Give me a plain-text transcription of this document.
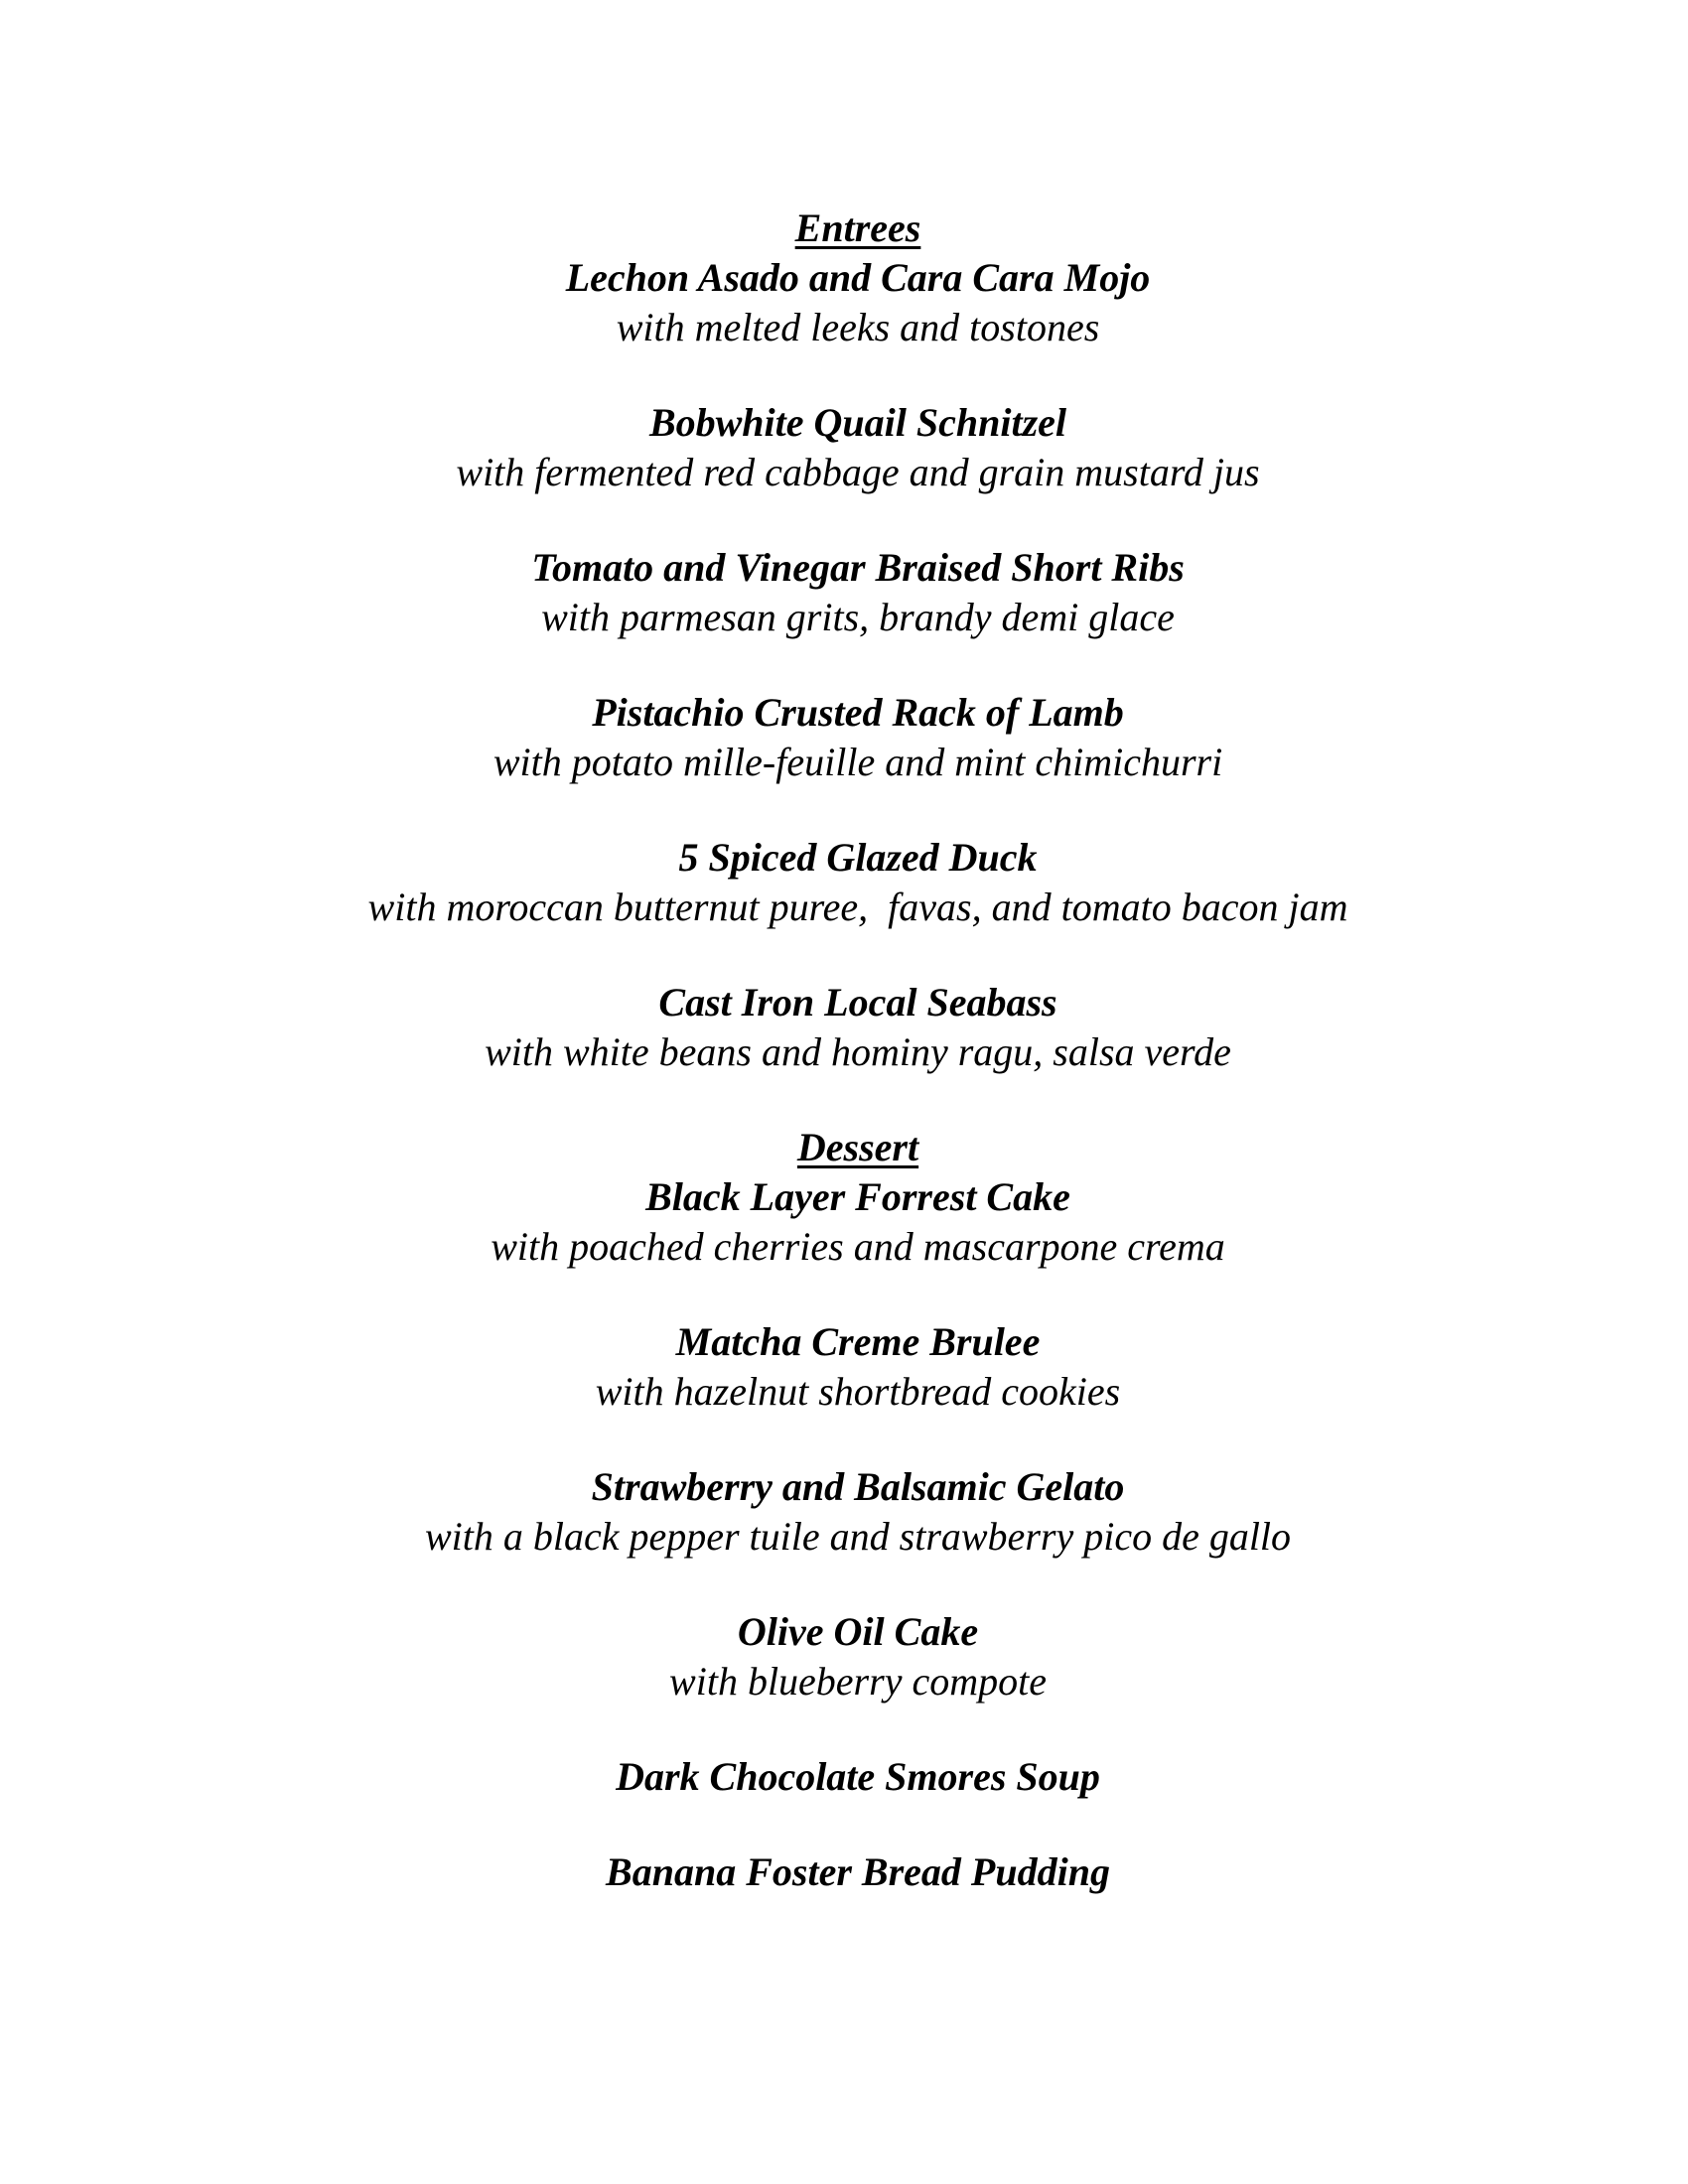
Entrees
Lechon Asado and Cara Cara Mojo
with melted leeks and tostones
Bobwhite Quail Schnitzel
with fermented red cabbage and grain mustard jus
Tomato and Vinegar Braised Short Ribs
with parmesan grits, brandy demi glace
Pistachio Crusted Rack of Lamb
with potato mille-feuille and mint chimichurri
5 Spiced Glazed Duck
with moroccan butternut puree,  favas, and tomato bacon jam
Cast Iron Local Seabass
with white beans and hominy ragu, salsa verde
Dessert
Black Layer Forrest Cake
with poached cherries and mascarpone crema
Matcha Creme Brulee
with hazelnut shortbread cookies
Strawberry and Balsamic Gelato
with a black pepper tuile and strawberry pico de gallo
Olive Oil Cake
with blueberry compote
Dark Chocolate Smores Soup
Banana Foster Bread Pudding
